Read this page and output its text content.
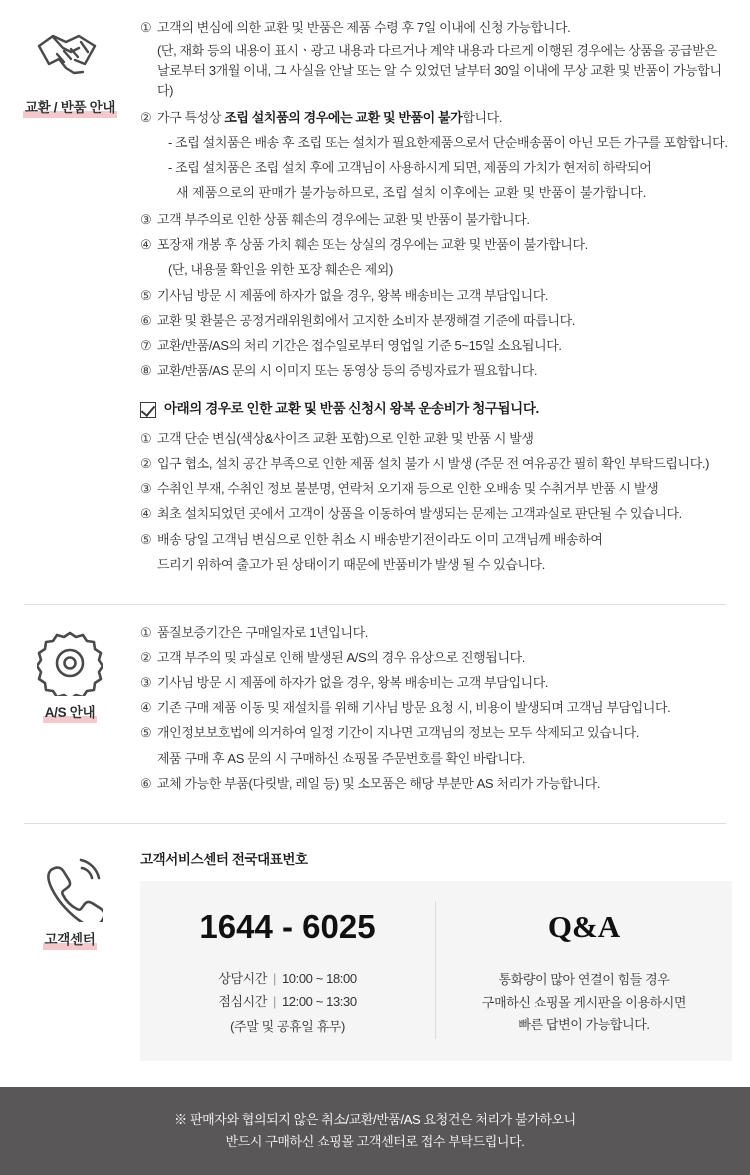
교환 / 반품 안내
① 고객의 변심에 의한 교환 및 반품은 제품 수령 후 7일 이내에 신청 가능합니다.
(단, 재화 등의 내용이 표시ㆍ광고 내용과 다르거나 계약 내용과 다르게 이행된 경우에는 상품을 공급받은
날로부터 3개월 이내, 그 사실을 안날 또는 알 수 있었던 날부터 30일 이내에 무상 교환 및 반품이 가능합니다)
② 가구 특성상 조립 설치품의 경우에는 교환 및 반품이 불가합니다.
- 조립 설치품은 배송 후 조립 또는 설치가 필요한제품으로서 단순배송품이 아닌 모든 가구를 포함합니다.
- 조립 설치품은 조립 설치 후에 고객님이 사용하시게 되면, 제품의 가치가 현저히 하락되어
새 제품으로의 판매가 불가능하므로, 조립 설치 이후에는 교환 및 반품이 불가합니다.
③ 고객 부주의로 인한 상품 훼손의 경우에는 교환 및 반품이 불가합니다.
④ 포장재 개봉 후 상품 가치 훼손 또는 상실의 경우에는 교환 및 반품이 불가합니다.
(단, 내용물 확인을 위한 포장 훼손은 제외)
⑤ 기사님 방문 시 제품에 하자가 없을 경우, 왕복 배송비는 고객 부담입니다.
⑥ 교환 및 환불은 공정거래위원회에서 고지한 소비자 분쟁해결 기준에 따릅니다.
⑦ 교환/반품/AS의 처리 기간은 접수일로부터 영업일 기준 5~15일 소요됩니다.
⑧ 교환/반품/AS 문의 시 이미지 또는 동영상 등의 증빙자료가 필요합니다.
아래의 경우로 인한 교환 및 반품 신청시 왕복 운송비가 청구됩니다.
① 고객 단순 변심(색상&사이즈 교환 포함)으로 인한 교환 및 반품 시 발생
② 입구 협소, 설치 공간 부족으로 인한 제품 설치 불가 시 발생 (주문 전 여유공간 필히 확인 부탁드립니다.)
③ 수취인 부재, 수취인 정보 불분명, 연락처 오기재 등으로 인한 오배송 및 수취거부 반품 시 발생
④ 최초 설치되었던 곳에서 고객이 상품을 이동하여 발생되는 문제는 고객과실로 판단될 수 있습니다.
⑤ 배송 당일 고객님 변심으로 인한 취소 시 배송받기전이라도 이미 고객님께 배송하여
드리기 위하여 출고가 된 상태이기 때문에 반품비가 발생 될 수 있습니다.
A/S 안내
① 품질보증기간은 구매일자로 1년입니다.
② 고객 부주의 및 과실로 인해 발생된 A/S의 경우 유상으로 진행됩니다.
③ 기사님 방문 시 제품에 하자가 없을 경우, 왕복 배송비는 고객 부담입니다.
④ 기존 구매 제품 이동 및 재설치를 위해 기사님 방문 요청 시, 비용이 발생되며 고객님 부담입니다.
⑤ 개인정보보호법에 의거하여 일정 기간이 지나면 고객님의 정보는 모두 삭제되고 있습니다.
제품 구매 후 AS 문의 시 구매하신 쇼핑몰 주문번호를 확인 바랍니다.
⑥ 교체 가능한 부품(다릿발, 레일 등) 및 소모품은 해당 부분만 AS 처리가 가능합니다.
고객센터
고객서비스센터 전국대표번호
1644 - 6025
상담시간 | 10:00 ~ 18:00
점심시간 | 12:00 ~ 13:30
(주말 및 공휴일 휴무)
Q&A
통화량이 많아 연결이 힘들 경우
구매하신 쇼핑몰 게시판을 이용하시면
빠른 답변이 가능합니다.
※ 판매자와 협의되지 않은 취소/교환/반품/AS 요청건은 처리가 불가하오니
반드시 구매하신 쇼핑몰 고객센터로 접수 부탁드립니다.
